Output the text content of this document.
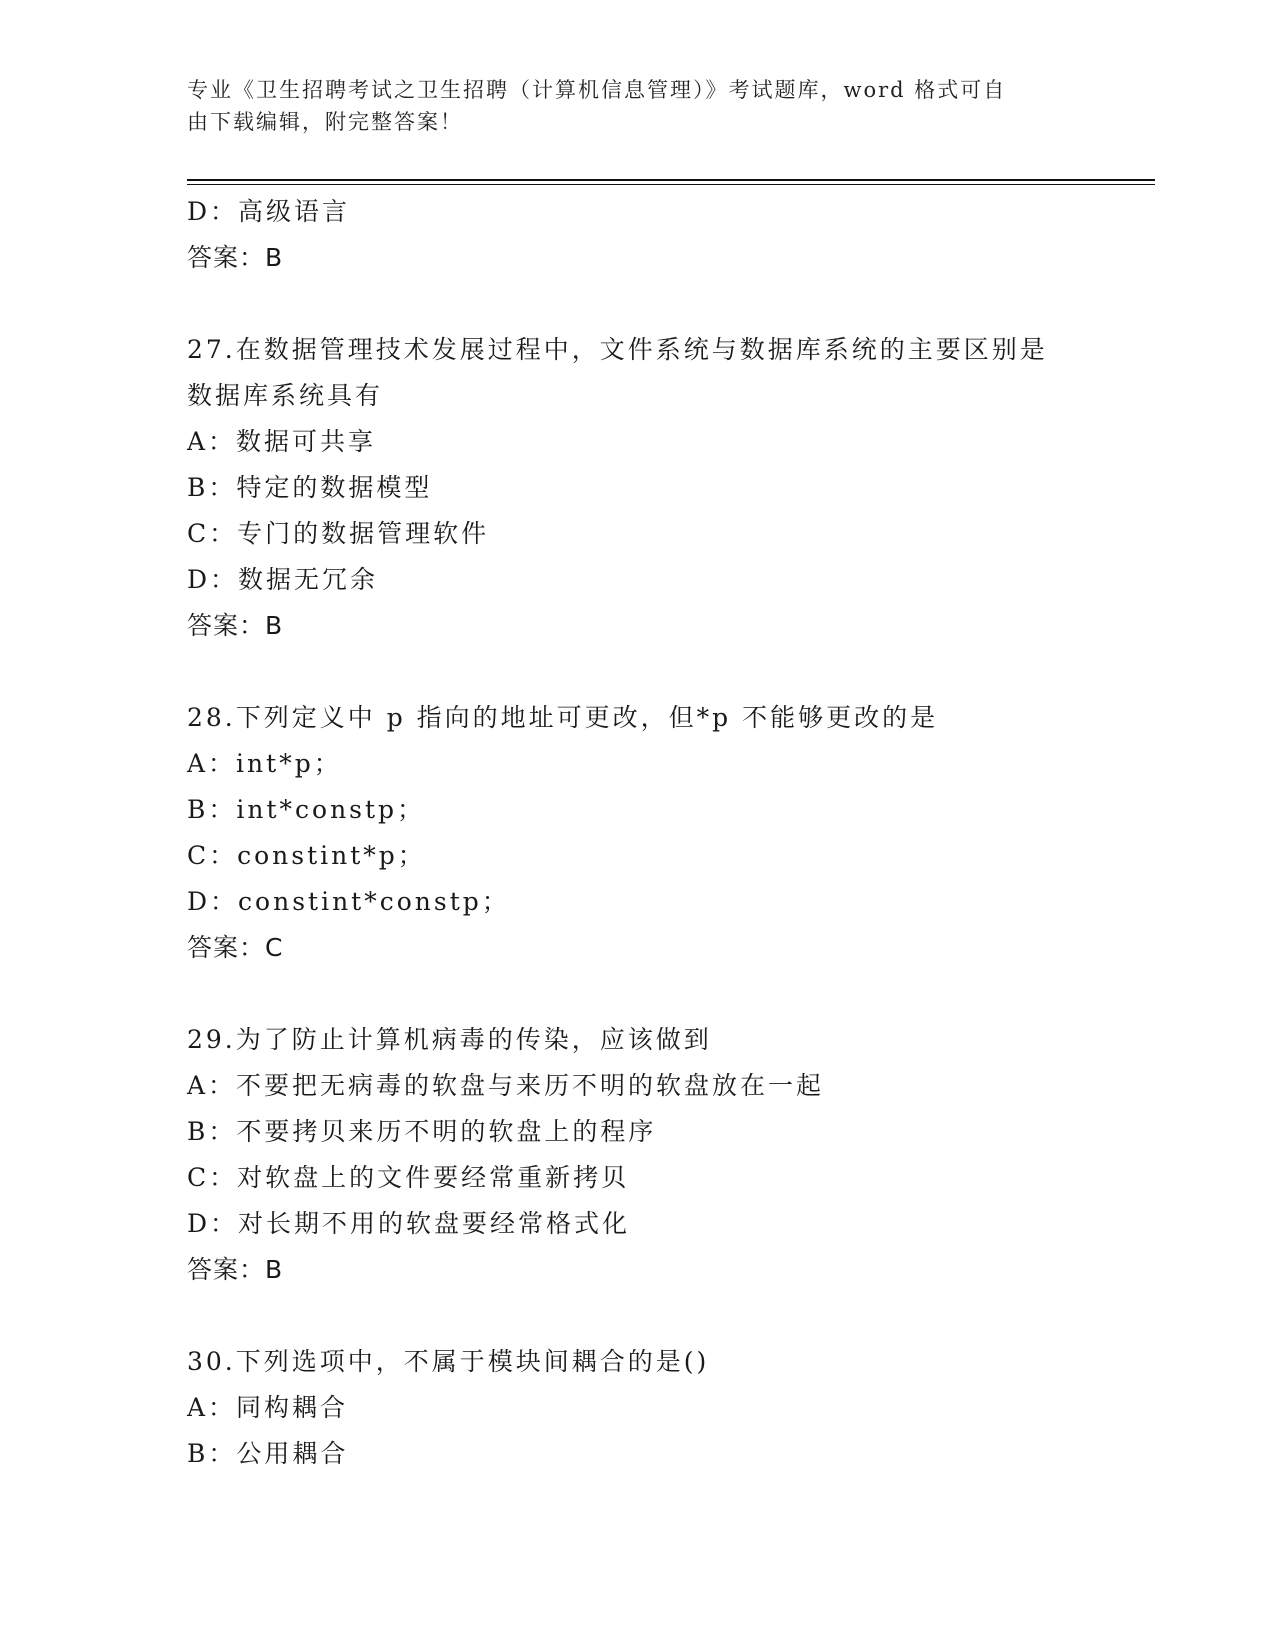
专业《卫生招聘考试之卫生招聘（计算机信息管理）》考试题库，word 格式可自
由下载编辑，附完整答案！
D：高级语言
答案：B
27.在数据管理技术发展过程中，文件系统与数据库系统的主要区别是
数据库系统具有
A：数据可共享
B：特定的数据模型
C：专门的数据管理软件
D：数据无冗余
答案：B
28.下列定义中 p 指向的地址可更改，但*p 不能够更改的是
A：int*p；
B：int*constp；
C：constint*p；
D：constint*constp；
答案：C
29.为了防止计算机病毒的传染，应该做到
A：不要把无病毒的软盘与来历不明的软盘放在一起
B：不要拷贝来历不明的软盘上的程序
C：对软盘上的文件要经常重新拷贝
D：对长期不用的软盘要经常格式化
答案：B
30.下列选项中，不属于模块间耦合的是()
A：同构耦合
B：公用耦合
